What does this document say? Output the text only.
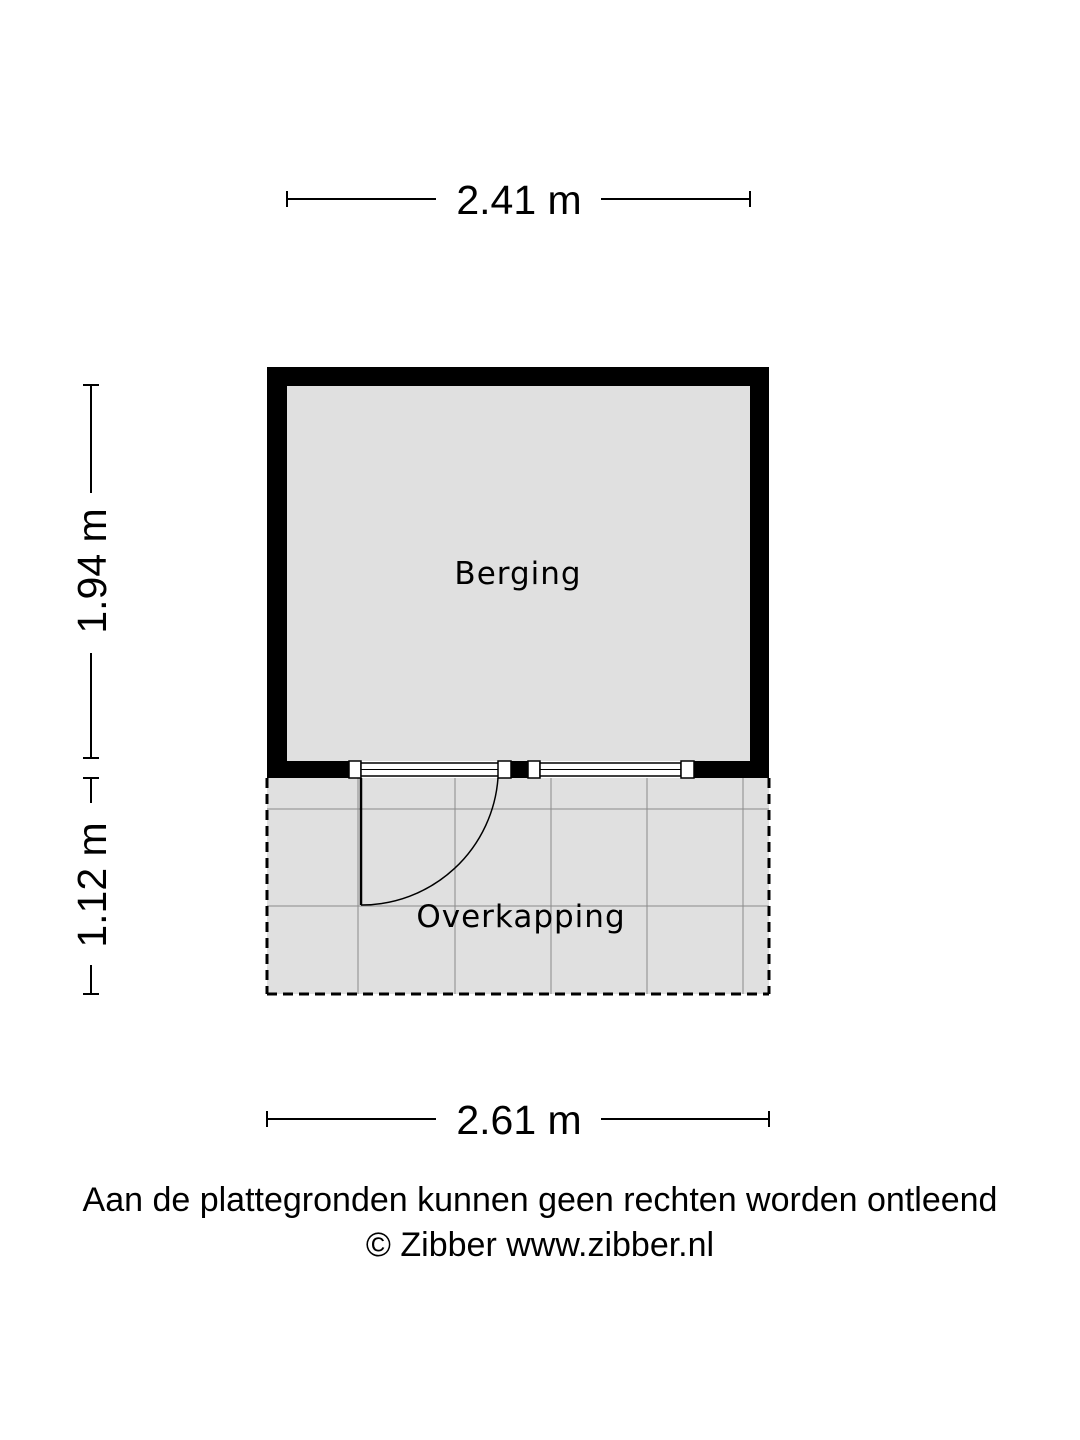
2.41 m
1.94 m
1.12 m	Overkapping
Berging
2.61 m
Aan de plattegronden kunnen geen rechten worden ontleend
© Zibber www.zibber.nl
